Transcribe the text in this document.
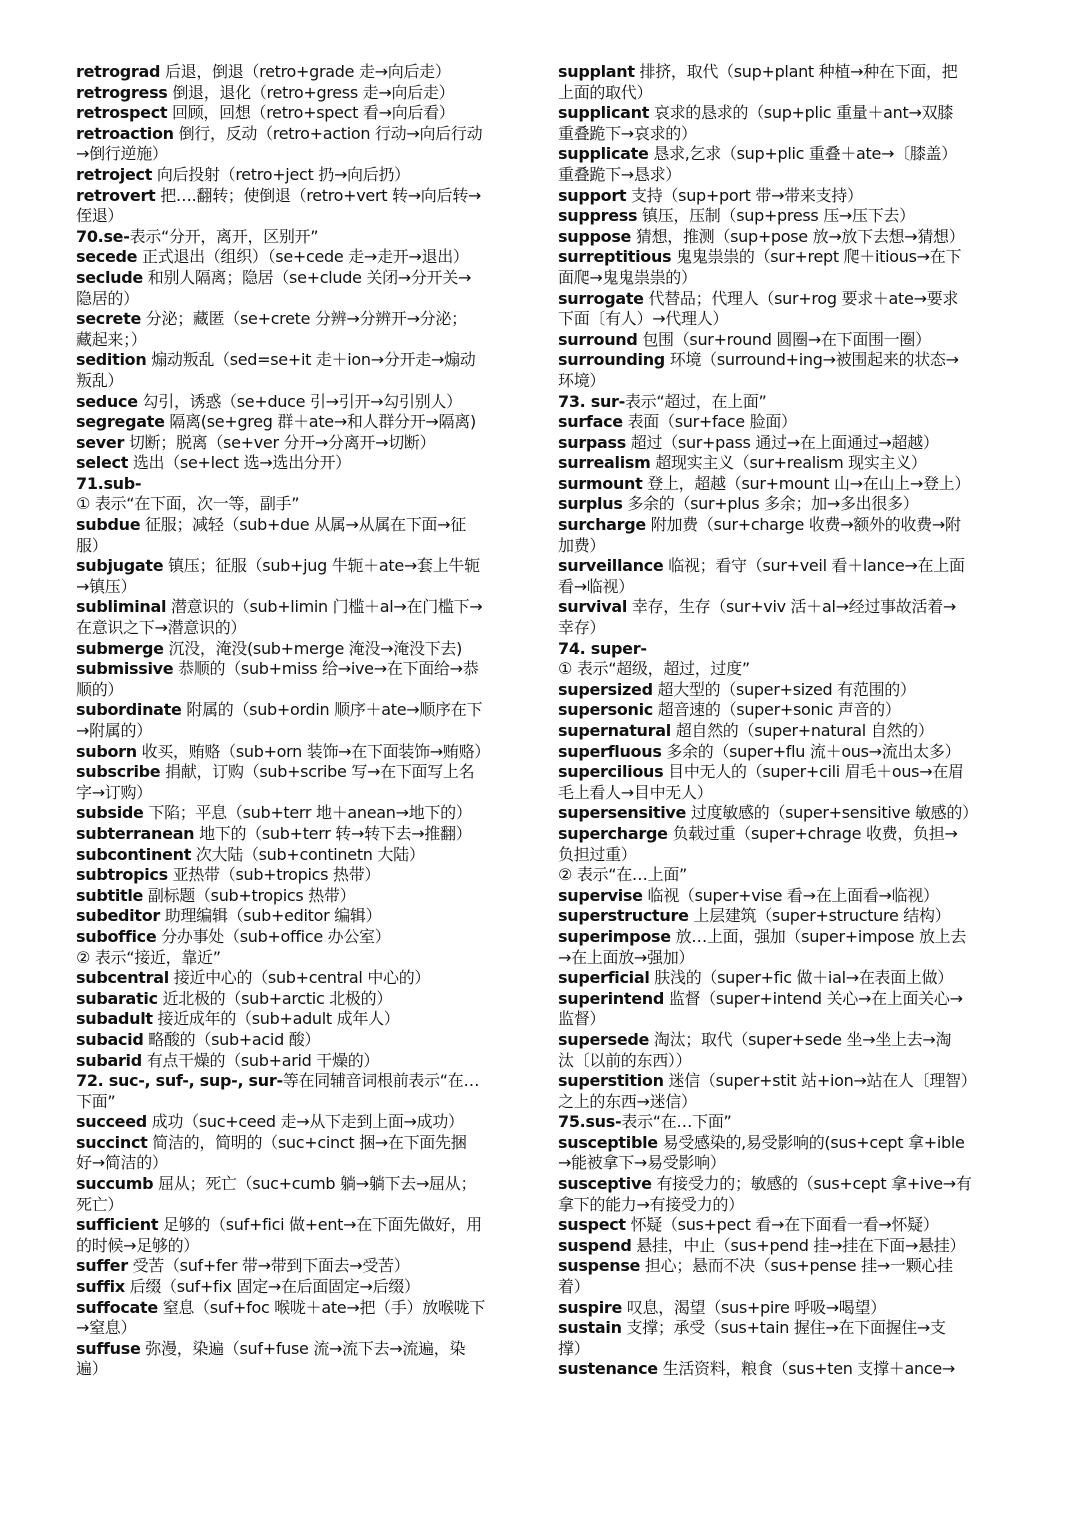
retrograd 后退，倒退（retro+grade 走→向后走）
retrogress 倒退，退化（retro+gress 走→向后走）
retrospect 回顾，回想（retro+spect 看→向后看）
retroaction 倒行，反动（retro+action 行动→向后行动
→倒行逆施）
retroject 向后投射（retro+ject 扔→向后扔）
retrovert 把….翻转；使倒退（retro+vert 转→向后转→
侄退）
70.se-表示“分开，离开，区别开”
secede 正式退出（组织）（se+cede 走→走开→退出）
seclude 和别人隔离；隐居（se+clude 关闭→分开关→
隐居的）
secrete 分泌；藏匿（se+crete 分辨→分辨开→分泌；
藏起来；）
sedition 煽动叛乱（sed=se+it 走＋ion→分开走→煽动
叛乱）
seduce 勾引，诱惑（se+duce 引→引开→勾引别人）
segregate 隔离(se+greg 群＋ate→和人群分开→隔离)
sever 切断；脱离（se+ver 分开→分离开→切断）
select 选出（se+lect 选→选出分开）
71.sub-
① 表示“在下面，次一等，副手”
subdue 征服；减轻（sub+due 从属→从属在下面→征
服）
subjugate 镇压；征服（sub+jug 牛轭＋ate→套上牛轭
→镇压）
subliminal 潜意识的（sub+limin 门槛＋al→在门槛下→
在意识之下→潜意识的）
submerge 沉没，淹没(sub+merge 淹没→淹没下去)
submissive 恭顺的（sub+miss 给→ive→在下面给→恭
顺的）
subordinate 附属的（sub+ordin 顺序＋ate→顺序在下
→附属的）
suborn 收买，贿赂（sub+orn 装饰→在下面装饰→贿赂）
subscribe 捐献，订购（sub+scribe 写→在下面写上名
字→订购）
subside 下陷；平息（sub+terr 地＋anean→地下的）
subterranean 地下的（sub+terr 转→转下去→推翻）
subcontinent 次大陆（sub+continetn 大陆）
subtropics 亚热带（sub+tropics 热带）
subtitle 副标题（sub+tropics 热带）
subeditor 助理编辑（sub+editor 编辑）
suboffice 分办事处（sub+office 办公室）
② 表示“接近，靠近”
subcentral 接近中心的（sub+central 中心的）
subaratic 近北极的（sub+arctic 北极的）
subadult 接近成年的（sub+adult 成年人）
subacid 略酸的（sub+acid 酸）
subarid 有点干燥的（sub+arid 干燥的）
72. suc-, suf-, sup-, sur-等在同辅音词根前表示“在…
下面”
succeed 成功（suc+ceed 走→从下走到上面→成功）
succinct 简洁的，简明的（suc+cinct 捆→在下面先捆
好→简洁的）
succumb 屈从；死亡（suc+cumb 躺→躺下去→屈从；
死亡）
sufficient 足够的（suf+fici 做+ent→在下面先做好，用
的时候→足够的）
suffer 受苦（suf+fer 带→带到下面去→受苦）
suffix 后缀（suf+fix 固定→在后面固定→后缀）
suffocate 窒息（suf+foc 喉咙＋ate→把（手）放喉咙下
→窒息）
suffuse 弥漫，染遍（suf+fuse 流→流下去→流遍，染
遍）
supplant 排挤，取代（sup+plant 种植→种在下面，把
上面的取代）
supplicant 哀求的恳求的（sup+plic 重量＋ant→双膝
重叠跪下→哀求的）
supplicate 恳求,乞求（sup+plic 重叠＋ate→〔膝盖）
重叠跪下→恳求）
support 支持（sup+port 带→带来支持）
suppress 镇压，压制（sup+press 压→压下去）
suppose 猜想，推测（sup+pose 放→放下去想→猜想）
surreptitious 鬼鬼祟祟的（sur+rept 爬＋itious→在下
面爬→鬼鬼祟祟的）
surrogate 代替品；代理人（sur+rog 要求＋ate→要求
下面〔有人）→代理人）
surround 包围（sur+round 圆圈→在下面围一圈）
surrounding 环境（surround+ing→被围起来的状态→
环境）
73. sur-表示“超过，在上面”
surface 表面（sur+face 脸面）
surpass 超过（sur+pass 通过→在上面通过→超越）
surrealism 超现实主义（sur+realism 现实主义）
surmount 登上，超越（sur+mount 山→在山上→登上）
surplus 多余的（sur+plus 多余；加→多出很多）
surcharge 附加费（sur+charge 收费→额外的收费→附
加费）
surveillance 临视；看守（sur+veil 看＋lance→在上面
看→临视）
survival 幸存，生存（sur+viv 活＋al→经过事故活着→
幸存）
74. super-
① 表示“超级，超过，过度”
supersized 超大型的（super+sized 有范围的）
supersonic 超音速的（super+sonic 声音的）
supernatural 超自然的（super+natural 自然的）
superfluous 多余的（super+flu 流＋ous→流出太多）
supercilious 目中无人的（super+cili 眉毛＋ous→在眉
毛上看人→目中无人）
supersensitive 过度敏感的（super+sensitive 敏感的）
supercharge 负载过重（super+chrage 收费，负担→
负担过重）
② 表示“在…上面”
supervise 临视（super+vise 看→在上面看→临视）
superstructure 上层建筑（super+structure 结构）
superimpose 放…上面，强加（super+impose 放上去
→在上面放→强加）
superficial 肤浅的（super+fic 做＋ial→在表面上做）
superintend 监督（super+intend 关心→在上面关心→
监督）
supersede 淘汰；取代（super+sede 坐→坐上去→淘
汰〔以前的东西））
superstition 迷信（super+stit 站+ion→站在人〔理智）
之上的东西→迷信）
75.sus-表示“在…下面”
susceptible 易受感染的,易受影响的(sus+cept 拿+ible
→能被拿下→易受影响）
susceptive 有接受力的；敏感的（sus+cept 拿+ive→有
拿下的能力→有接受力的）
suspect 怀疑（sus+pect 看→在下面看一看→怀疑）
suspend 悬挂，中止（sus+pend 挂→挂在下面→悬挂）
suspense 担心；悬而不决（sus+pense 挂→一颗心挂
着）
suspire 叹息，渴望（sus+pire 呼吸→喝望）
sustain 支撑；承受（sus+tain 握住→在下面握住→支
撑）
sustenance 生活资料，粮食（sus+ten 支撑＋ance→
